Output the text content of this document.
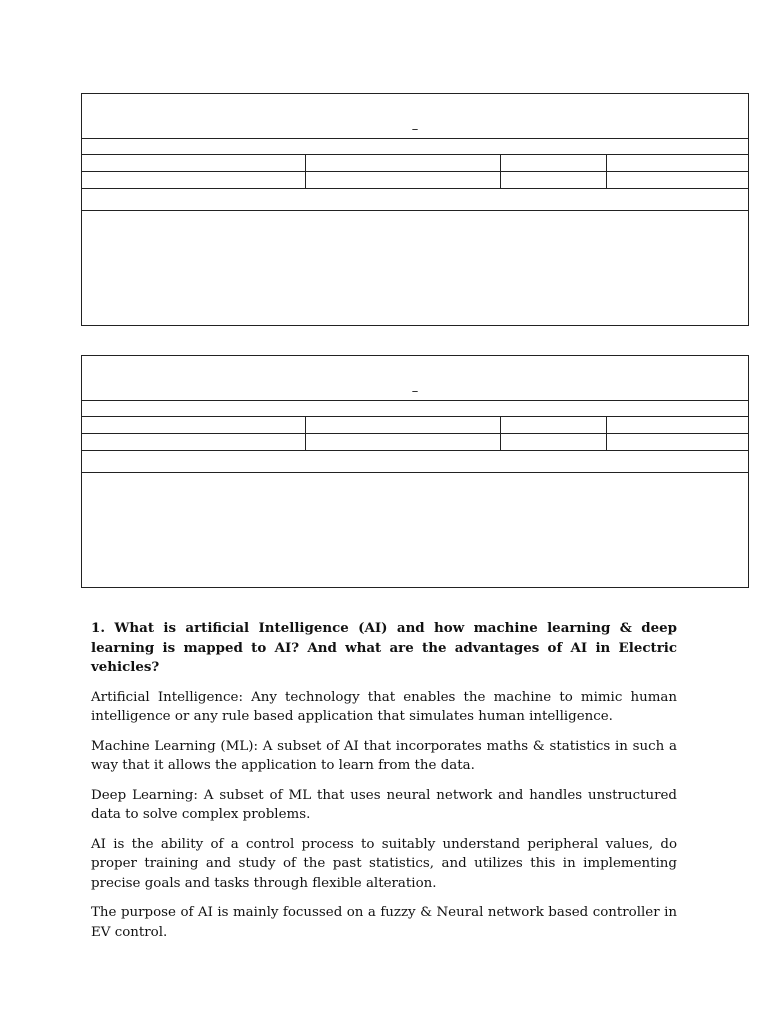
–
–

1. What is artificial Intelligence (AI) and how machine learning & deep learning is mapped to AI? And what are the advantages of AI in Electric vehicles?

Artificial Intelligence: Any technology that enables the machine to mimic human intelligence or any rule based application that simulates human intelligence.

Machine Learning (ML): A subset of AI that incorporates maths & statistics in such a way that it allows the application to learn from the data.

Deep Learning: A subset of ML that uses neural network and handles unstructured data to solve complex problems.

AI is the ability of a control process to suitably understand peripheral values, do proper training and study of the past statistics, and utilizes this in implementing precise goals and tasks through flexible alteration.

The purpose of AI is mainly focussed on a fuzzy & Neural network based controller in EV control.
